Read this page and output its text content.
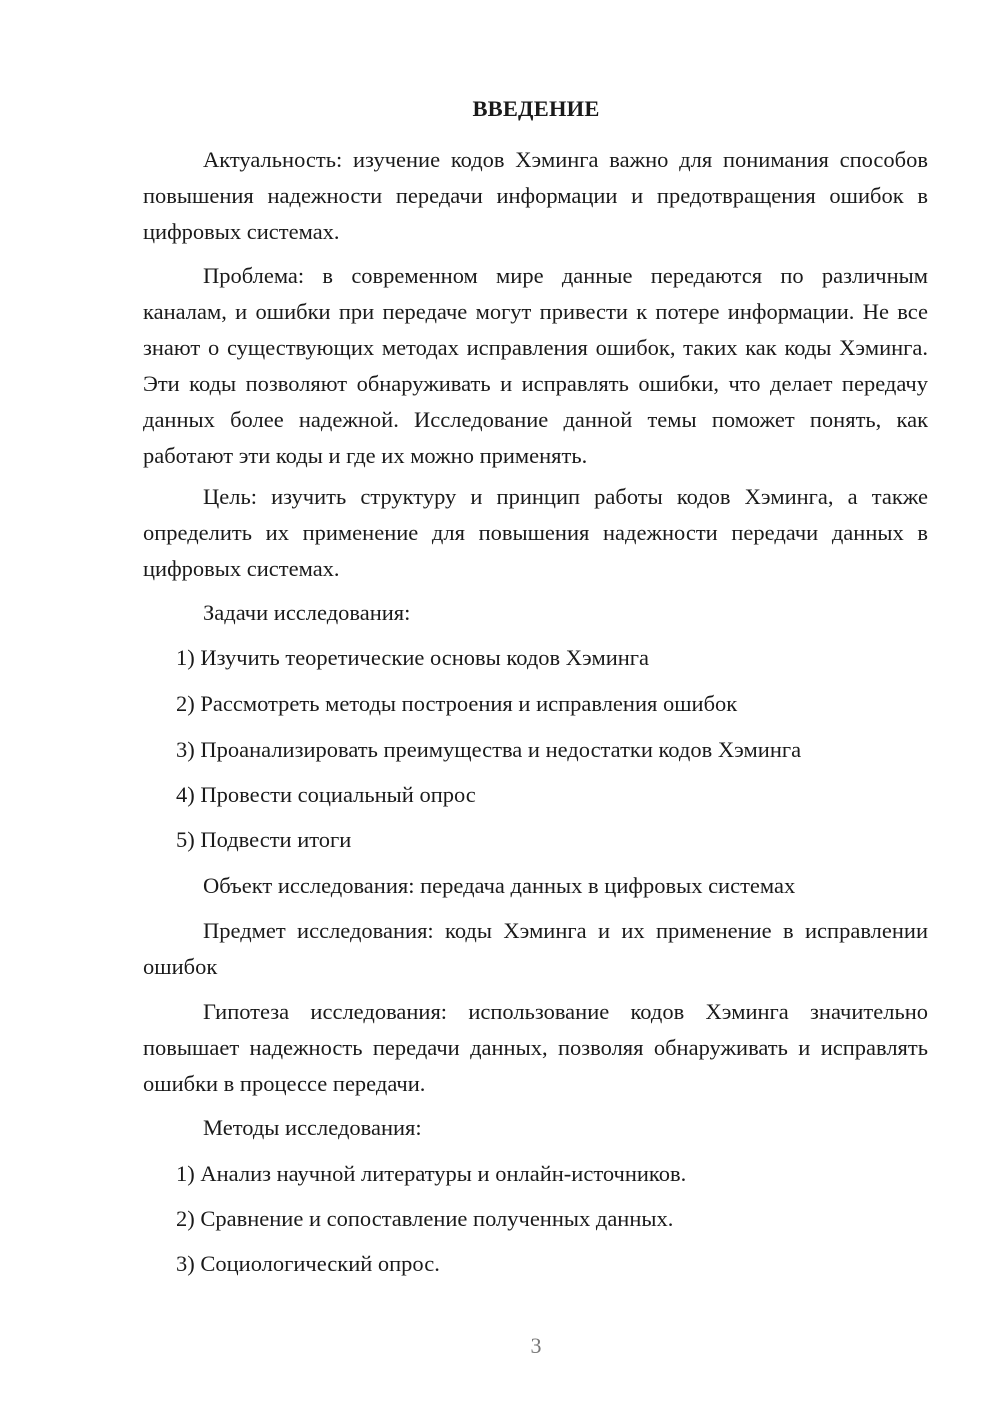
ВВЕДЕНИЕ

Актуальность: изучение кодов Хэминга важно для понимания способов повышения надежности передачи информации и предотвращения ошибок в цифровых системах.

Проблема: в современном мире данные передаются по различным каналам, и ошибки при передаче могут привести к потере информации. Не все знают о существующих методах исправления ошибок, таких как коды Хэминга. Эти коды позволяют обнаруживать и исправлять ошибки, что делает передачу данных более надежной. Исследование данной темы поможет понять, как работают эти коды и где их можно применять.

Цель: изучить структуру и принцип работы кодов Хэминга, а также определить их применение для повышения надежности передачи данных в цифровых системах.

Задачи исследования:
1) Изучить теоретические основы кодов Хэминга
2) Рассмотреть методы построения и исправления ошибок
3) Проанализировать преимущества и недостатки кодов Хэминга
4) Провести социальный опрос
5) Подвести итоги
Объект исследования: передача данных в цифровых системах

Предмет исследования: коды Хэминга и их применение в исправлении ошибок

Гипотеза исследования: использование кодов Хэминга значительно повышает надежность передачи данных, позволяя обнаруживать и исправлять ошибки в процессе передачи.

Методы исследования:
1) Анализ научной литературы и онлайн-источников.
2) Сравнение и сопоставление полученных данных.
3) Социологический опрос.
3
